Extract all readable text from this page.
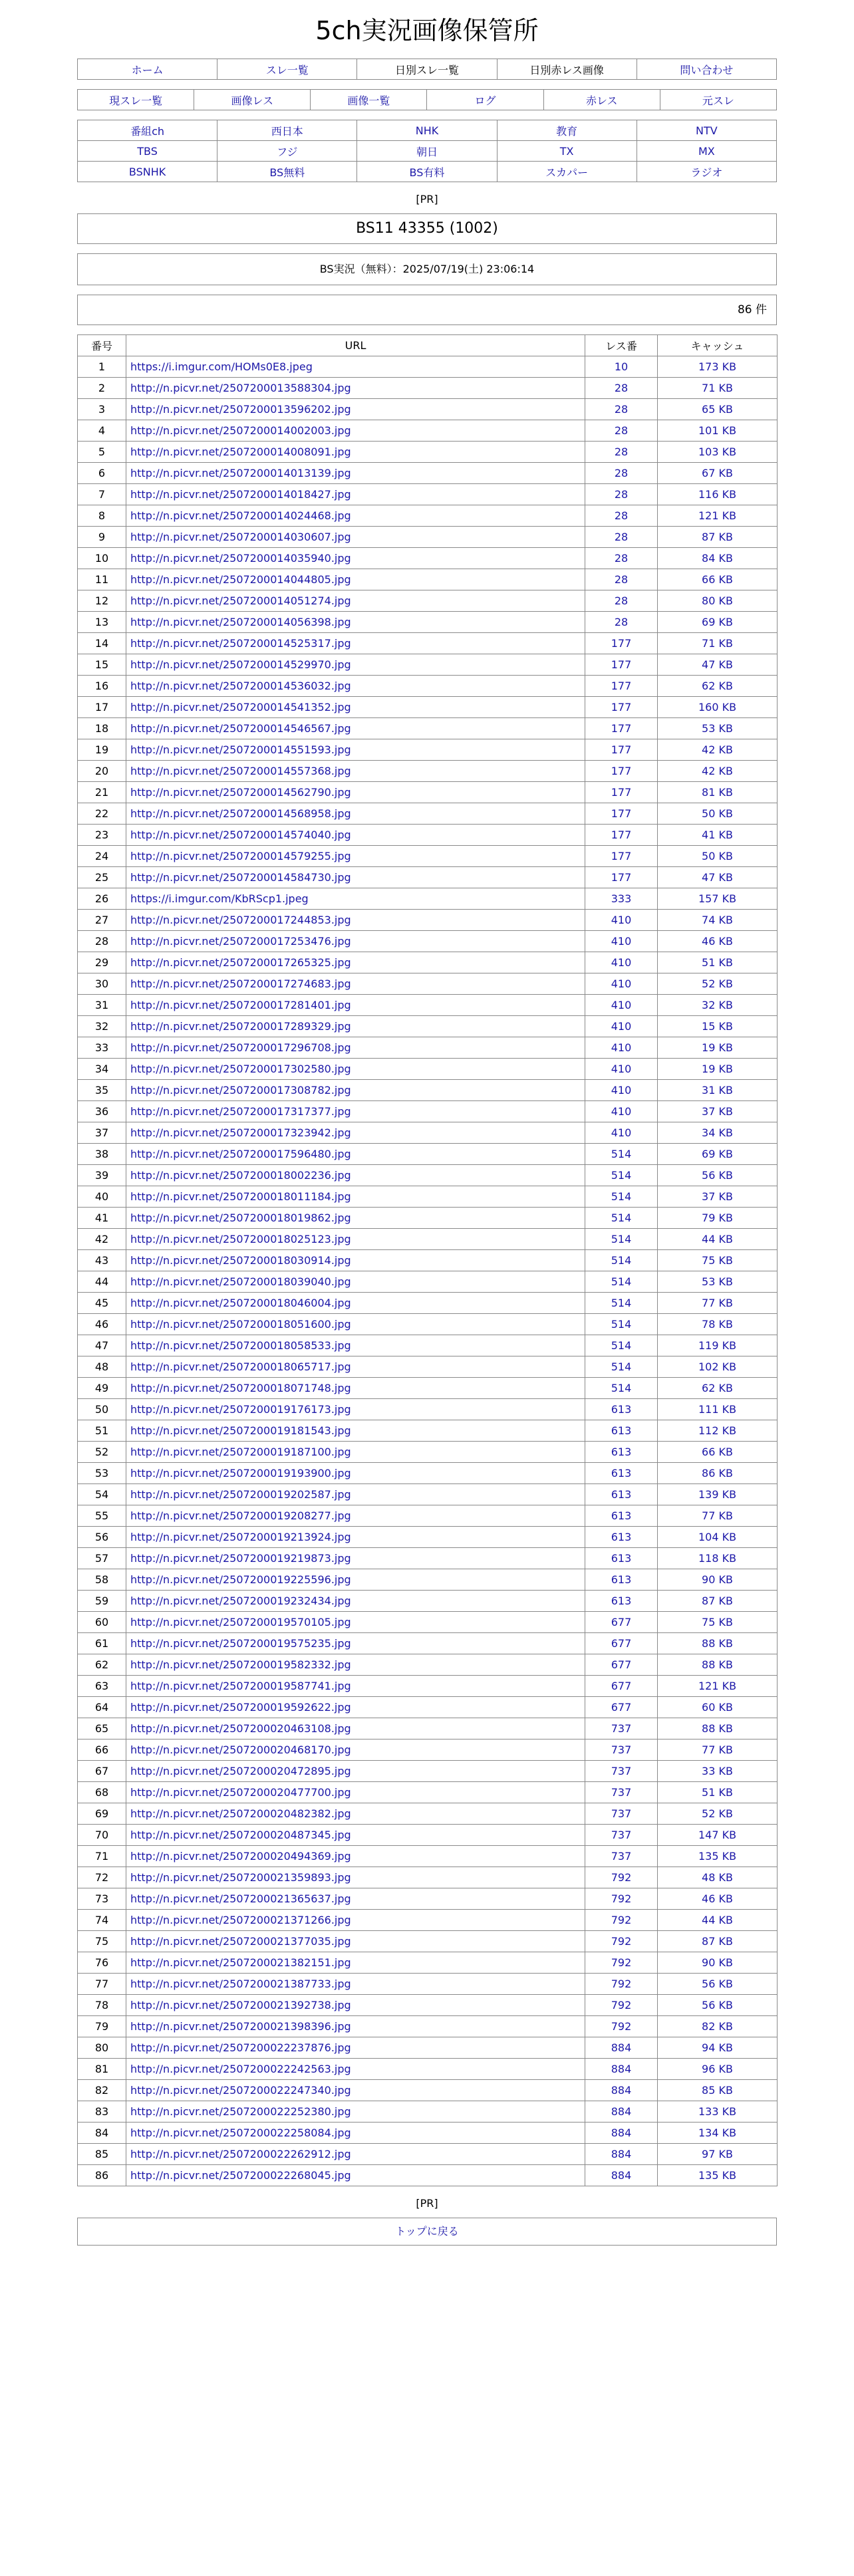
5ch実況画像保管所
ホーム	スレ一覧	日別スレ一覧	日別赤レス画像	問い合わせ
現スレ一覧	画像レス	画像一覧	ログ	赤レス	元スレ
番組ch	西日本	NHK	教育	NTV
TBS	フジ	朝日	TX	MX
BSNHK	BS無料	BS有料	スカパー	ラジオ
[PR]
BS11 43355 (1002)
BS実況（無料）：2025/07/19(土) 23:06:14
86 件
番号	URL	レス番	キャッシュ
1	https://i.imgur.com/HOMs0E8.jpeg	10	173 KB
2	http://n.picvr.net/2507200013588304.jpg	28	71 KB
3	http://n.picvr.net/2507200013596202.jpg	28	65 KB
4	http://n.picvr.net/2507200014002003.jpg	28	101 KB
5	http://n.picvr.net/2507200014008091.jpg	28	103 KB
6	http://n.picvr.net/2507200014013139.jpg	28	67 KB
7	http://n.picvr.net/2507200014018427.jpg	28	116 KB
8	http://n.picvr.net/2507200014024468.jpg	28	121 KB
9	http://n.picvr.net/2507200014030607.jpg	28	87 KB
10	http://n.picvr.net/2507200014035940.jpg	28	84 KB
11	http://n.picvr.net/2507200014044805.jpg	28	66 KB
12	http://n.picvr.net/2507200014051274.jpg	28	80 KB
13	http://n.picvr.net/2507200014056398.jpg	28	69 KB
14	http://n.picvr.net/2507200014525317.jpg	177	71 KB
15	http://n.picvr.net/2507200014529970.jpg	177	47 KB
16	http://n.picvr.net/2507200014536032.jpg	177	62 KB
17	http://n.picvr.net/2507200014541352.jpg	177	160 KB
18	http://n.picvr.net/2507200014546567.jpg	177	53 KB
19	http://n.picvr.net/2507200014551593.jpg	177	42 KB
20	http://n.picvr.net/2507200014557368.jpg	177	42 KB
21	http://n.picvr.net/2507200014562790.jpg	177	81 KB
22	http://n.picvr.net/2507200014568958.jpg	177	50 KB
23	http://n.picvr.net/2507200014574040.jpg	177	41 KB
24	http://n.picvr.net/2507200014579255.jpg	177	50 KB
25	http://n.picvr.net/2507200014584730.jpg	177	47 KB
26	https://i.imgur.com/KbRScp1.jpeg	333	157 KB
27	http://n.picvr.net/2507200017244853.jpg	410	74 KB
28	http://n.picvr.net/2507200017253476.jpg	410	46 KB
29	http://n.picvr.net/2507200017265325.jpg	410	51 KB
30	http://n.picvr.net/2507200017274683.jpg	410	52 KB
31	http://n.picvr.net/2507200017281401.jpg	410	32 KB
32	http://n.picvr.net/2507200017289329.jpg	410	15 KB
33	http://n.picvr.net/2507200017296708.jpg	410	19 KB
34	http://n.picvr.net/2507200017302580.jpg	410	19 KB
35	http://n.picvr.net/2507200017308782.jpg	410	31 KB
36	http://n.picvr.net/2507200017317377.jpg	410	37 KB
37	http://n.picvr.net/2507200017323942.jpg	410	34 KB
38	http://n.picvr.net/2507200017596480.jpg	514	69 KB
39	http://n.picvr.net/2507200018002236.jpg	514	56 KB
40	http://n.picvr.net/2507200018011184.jpg	514	37 KB
41	http://n.picvr.net/2507200018019862.jpg	514	79 KB
42	http://n.picvr.net/2507200018025123.jpg	514	44 KB
43	http://n.picvr.net/2507200018030914.jpg	514	75 KB
44	http://n.picvr.net/2507200018039040.jpg	514	53 KB
45	http://n.picvr.net/2507200018046004.jpg	514	77 KB
46	http://n.picvr.net/2507200018051600.jpg	514	78 KB
47	http://n.picvr.net/2507200018058533.jpg	514	119 KB
48	http://n.picvr.net/2507200018065717.jpg	514	102 KB
49	http://n.picvr.net/2507200018071748.jpg	514	62 KB
50	http://n.picvr.net/2507200019176173.jpg	613	111 KB
51	http://n.picvr.net/2507200019181543.jpg	613	112 KB
52	http://n.picvr.net/2507200019187100.jpg	613	66 KB
53	http://n.picvr.net/2507200019193900.jpg	613	86 KB
54	http://n.picvr.net/2507200019202587.jpg	613	139 KB
55	http://n.picvr.net/2507200019208277.jpg	613	77 KB
56	http://n.picvr.net/2507200019213924.jpg	613	104 KB
57	http://n.picvr.net/2507200019219873.jpg	613	118 KB
58	http://n.picvr.net/2507200019225596.jpg	613	90 KB
59	http://n.picvr.net/2507200019232434.jpg	613	87 KB
60	http://n.picvr.net/2507200019570105.jpg	677	75 KB
61	http://n.picvr.net/2507200019575235.jpg	677	88 KB
62	http://n.picvr.net/2507200019582332.jpg	677	88 KB
63	http://n.picvr.net/2507200019587741.jpg	677	121 KB
64	http://n.picvr.net/2507200019592622.jpg	677	60 KB
65	http://n.picvr.net/2507200020463108.jpg	737	88 KB
66	http://n.picvr.net/2507200020468170.jpg	737	77 KB
67	http://n.picvr.net/2507200020472895.jpg	737	33 KB
68	http://n.picvr.net/2507200020477700.jpg	737	51 KB
69	http://n.picvr.net/2507200020482382.jpg	737	52 KB
70	http://n.picvr.net/2507200020487345.jpg	737	147 KB
71	http://n.picvr.net/2507200020494369.jpg	737	135 KB
72	http://n.picvr.net/2507200021359893.jpg	792	48 KB
73	http://n.picvr.net/2507200021365637.jpg	792	46 KB
74	http://n.picvr.net/2507200021371266.jpg	792	44 KB
75	http://n.picvr.net/2507200021377035.jpg	792	87 KB
76	http://n.picvr.net/2507200021382151.jpg	792	90 KB
77	http://n.picvr.net/2507200021387733.jpg	792	56 KB
78	http://n.picvr.net/2507200021392738.jpg	792	56 KB
79	http://n.picvr.net/2507200021398396.jpg	792	82 KB
80	http://n.picvr.net/2507200022237876.jpg	884	94 KB
81	http://n.picvr.net/2507200022242563.jpg	884	96 KB
82	http://n.picvr.net/2507200022247340.jpg	884	85 KB
83	http://n.picvr.net/2507200022252380.jpg	884	133 KB
84	http://n.picvr.net/2507200022258084.jpg	884	134 KB
85	http://n.picvr.net/2507200022262912.jpg	884	97 KB
86	http://n.picvr.net/2507200022268045.jpg	884	135 KB
[PR]
トップに戻る
